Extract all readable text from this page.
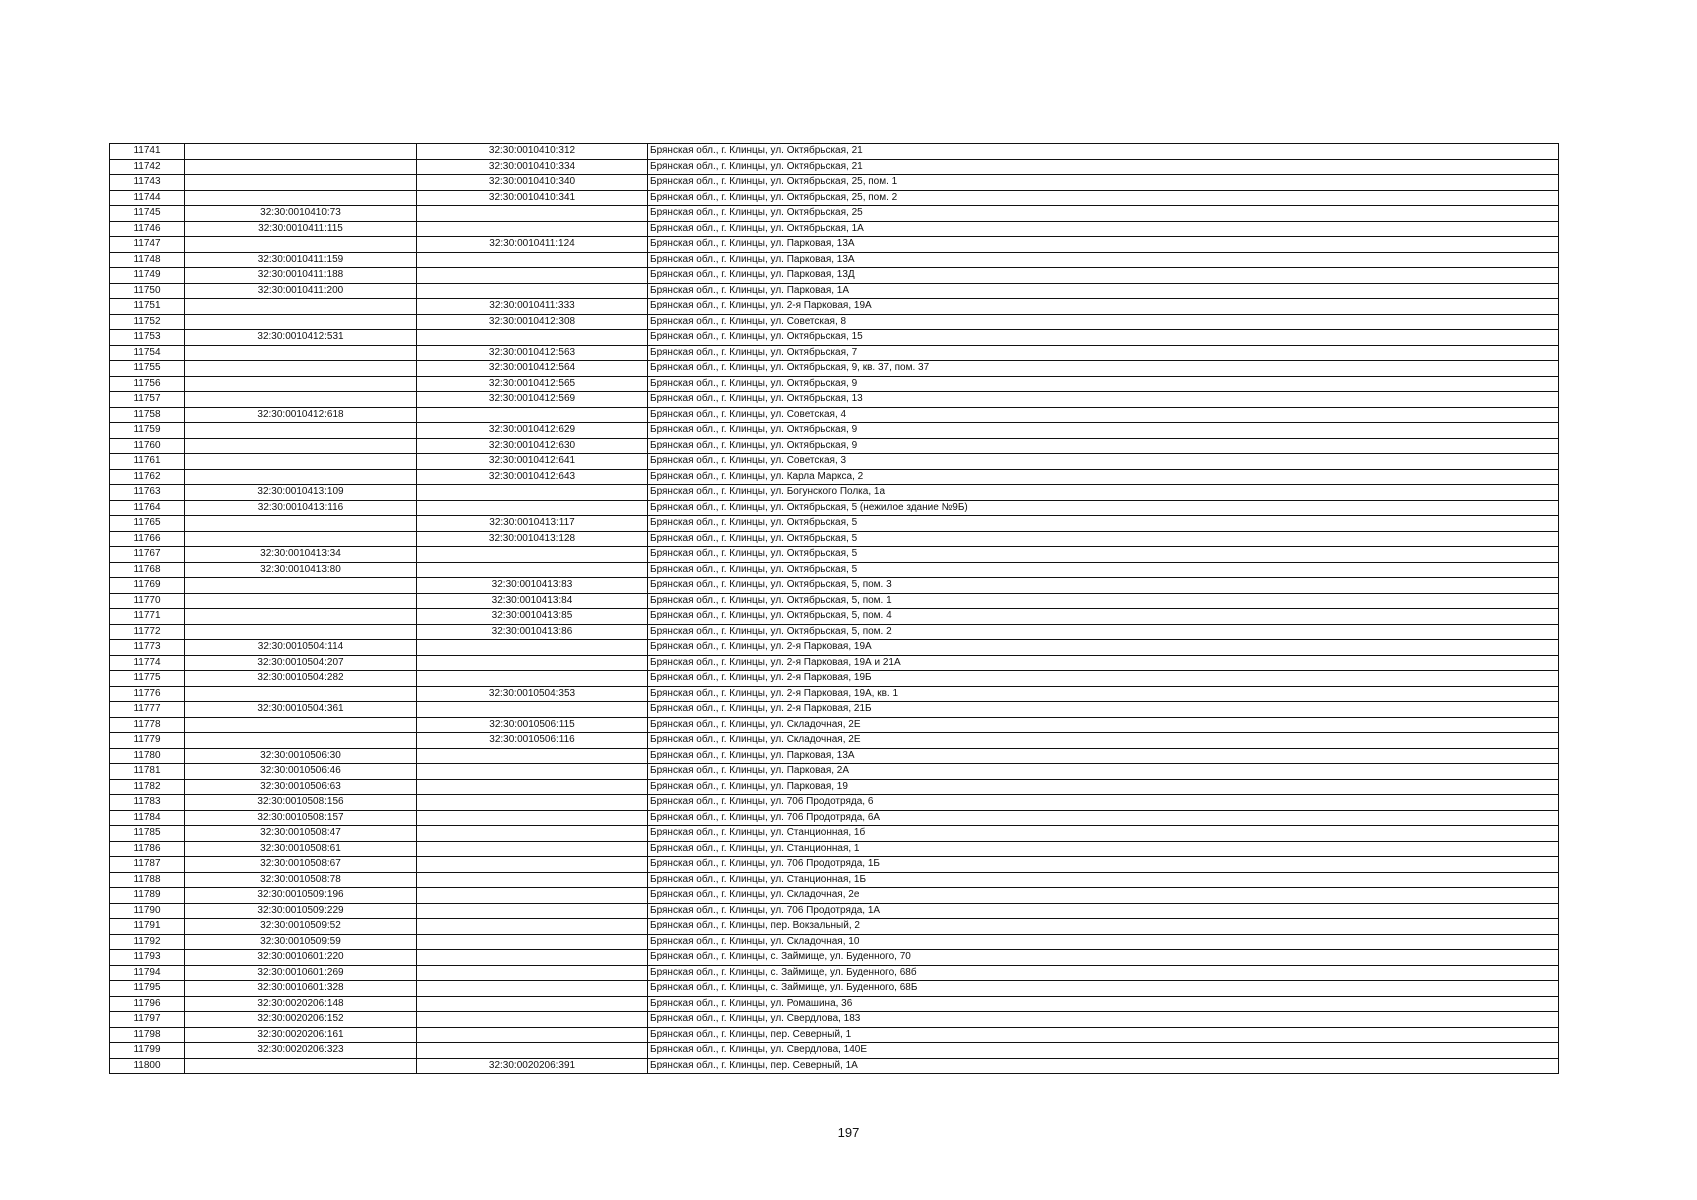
11741		32:30:0010410:312	Брянская обл., г. Клинцы, ул. Октябрьская, 21
11742		32:30:0010410:334	Брянская обл., г. Клинцы, ул. Октябрьская, 21
11743		32:30:0010410:340	Брянская обл., г. Клинцы, ул. Октябрьская, 25, пом. 1
11744		32:30:0010410:341	Брянская обл., г. Клинцы, ул. Октябрьская, 25, пом. 2
11745	32:30:0010410:73		Брянская обл., г. Клинцы, ул. Октябрьская, 25
11746	32:30:0010411:115		Брянская обл., г. Клинцы, ул. Октябрьская, 1А
11747		32:30:0010411:124	Брянская обл., г. Клинцы, ул. Парковая, 13А
11748	32:30:0010411:159		Брянская обл., г. Клинцы, ул. Парковая, 13А
11749	32:30:0010411:188		Брянская обл., г. Клинцы, ул. Парковая, 13Д
11750	32:30:0010411:200		Брянская обл., г. Клинцы, ул. Парковая, 1А
11751		32:30:0010411:333	Брянская обл., г. Клинцы, ул. 2-я Парковая, 19А
11752		32:30:0010412:308	Брянская обл., г. Клинцы, ул. Советская, 8
11753	32:30:0010412:531		Брянская обл., г. Клинцы, ул. Октябрьская, 15
11754		32:30:0010412:563	Брянская обл., г. Клинцы, ул. Октябрьская, 7
11755		32:30:0010412:564	Брянская обл., г. Клинцы, ул. Октябрьская, 9, кв. 37, пом. 37
11756		32:30:0010412:565	Брянская обл., г. Клинцы, ул. Октябрьская, 9
11757		32:30:0010412:569	Брянская обл., г. Клинцы, ул. Октябрьская, 13
11758	32:30:0010412:618		Брянская обл., г. Клинцы, ул. Советская, 4
11759		32:30:0010412:629	Брянская обл., г. Клинцы, ул. Октябрьская, 9
11760		32:30:0010412:630	Брянская обл., г. Клинцы, ул. Октябрьская, 9
11761		32:30:0010412:641	Брянская обл., г. Клинцы, ул. Советская, 3
11762		32:30:0010412:643	Брянская обл., г. Клинцы, ул. Карла Маркса, 2
11763	32:30:0010413:109		Брянская обл., г. Клинцы, ул. Богунского Полка, 1а
11764	32:30:0010413:116		Брянская обл., г. Клинцы, ул. Октябрьская, 5 (нежилое здание №9Б)
11765		32:30:0010413:117	Брянская обл., г. Клинцы, ул. Октябрьская, 5
11766		32:30:0010413:128	Брянская обл., г. Клинцы, ул. Октябрьская, 5
11767	32:30:0010413:34		Брянская обл., г. Клинцы, ул. Октябрьская, 5
11768	32:30:0010413:80		Брянская обл., г. Клинцы, ул. Октябрьская, 5
11769		32:30:0010413:83	Брянская обл., г. Клинцы, ул. Октябрьская, 5, пом. 3
11770		32:30:0010413:84	Брянская обл., г. Клинцы, ул. Октябрьская, 5, пом. 1
11771		32:30:0010413:85	Брянская обл., г. Клинцы, ул. Октябрьская, 5, пом. 4
11772		32:30:0010413:86	Брянская обл., г. Клинцы, ул. Октябрьская, 5, пом. 2
11773	32:30:0010504:114		Брянская обл., г. Клинцы, ул. 2-я Парковая, 19А
11774	32:30:0010504:207		Брянская обл., г. Клинцы, ул. 2-я Парковая, 19А и 21А
11775	32:30:0010504:282		Брянская обл., г. Клинцы, ул. 2-я Парковая, 19Б
11776		32:30:0010504:353	Брянская обл., г. Клинцы, ул. 2-я Парковая, 19А, кв. 1
11777	32:30:0010504:361		Брянская обл., г. Клинцы, ул. 2-я Парковая, 21Б
11778		32:30:0010506:115	Брянская обл., г. Клинцы, ул. Складочная, 2Е
11779		32:30:0010506:116	Брянская обл., г. Клинцы, ул. Складочная, 2Е
11780	32:30:0010506:30		Брянская обл., г. Клинцы, ул. Парковая, 13А
11781	32:30:0010506:46		Брянская обл., г. Клинцы, ул. Парковая, 2А
11782	32:30:0010506:63		Брянская обл., г. Клинцы, ул. Парковая, 19
11783	32:30:0010508:156		Брянская обл., г. Клинцы, ул. 706 Продотряда, 6
11784	32:30:0010508:157		Брянская обл., г. Клинцы, ул. 706 Продотряда, 6А
11785	32:30:0010508:47		Брянская обл., г. Клинцы, ул. Станционная, 1б
11786	32:30:0010508:61		Брянская обл., г. Клинцы, ул. Станционная, 1
11787	32:30:0010508:67		Брянская обл., г. Клинцы, ул. 706 Продотряда, 1Б
11788	32:30:0010508:78		Брянская обл., г. Клинцы, ул. Станционная, 1Б
11789	32:30:0010509:196		Брянская обл., г. Клинцы, ул. Складочная, 2е
11790	32:30:0010509:229		Брянская обл., г. Клинцы, ул. 706 Продотряда, 1А
11791	32:30:0010509:52		Брянская обл., г. Клинцы, пер. Вокзальный, 2
11792	32:30:0010509:59		Брянская обл., г. Клинцы, ул. Складочная, 10
11793	32:30:0010601:220		Брянская обл., г. Клинцы, с. Займище, ул. Буденного, 70
11794	32:30:0010601:269		Брянская обл., г. Клинцы, с. Займище, ул. Буденного, 68б
11795	32:30:0010601:328		Брянская обл., г. Клинцы, с. Займище, ул. Буденного, 68Б
11796	32:30:0020206:148		Брянская обл., г. Клинцы, ул. Ромашина, 36
11797	32:30:0020206:152		Брянская обл., г. Клинцы, ул. Свердлова, 183
11798	32:30:0020206:161		Брянская обл., г. Клинцы, пер. Северный, 1
11799	32:30:0020206:323		Брянская обл., г. Клинцы, ул. Свердлова, 140Е
11800		32:30:0020206:391	Брянская обл., г. Клинцы, пер. Северный, 1А
197
